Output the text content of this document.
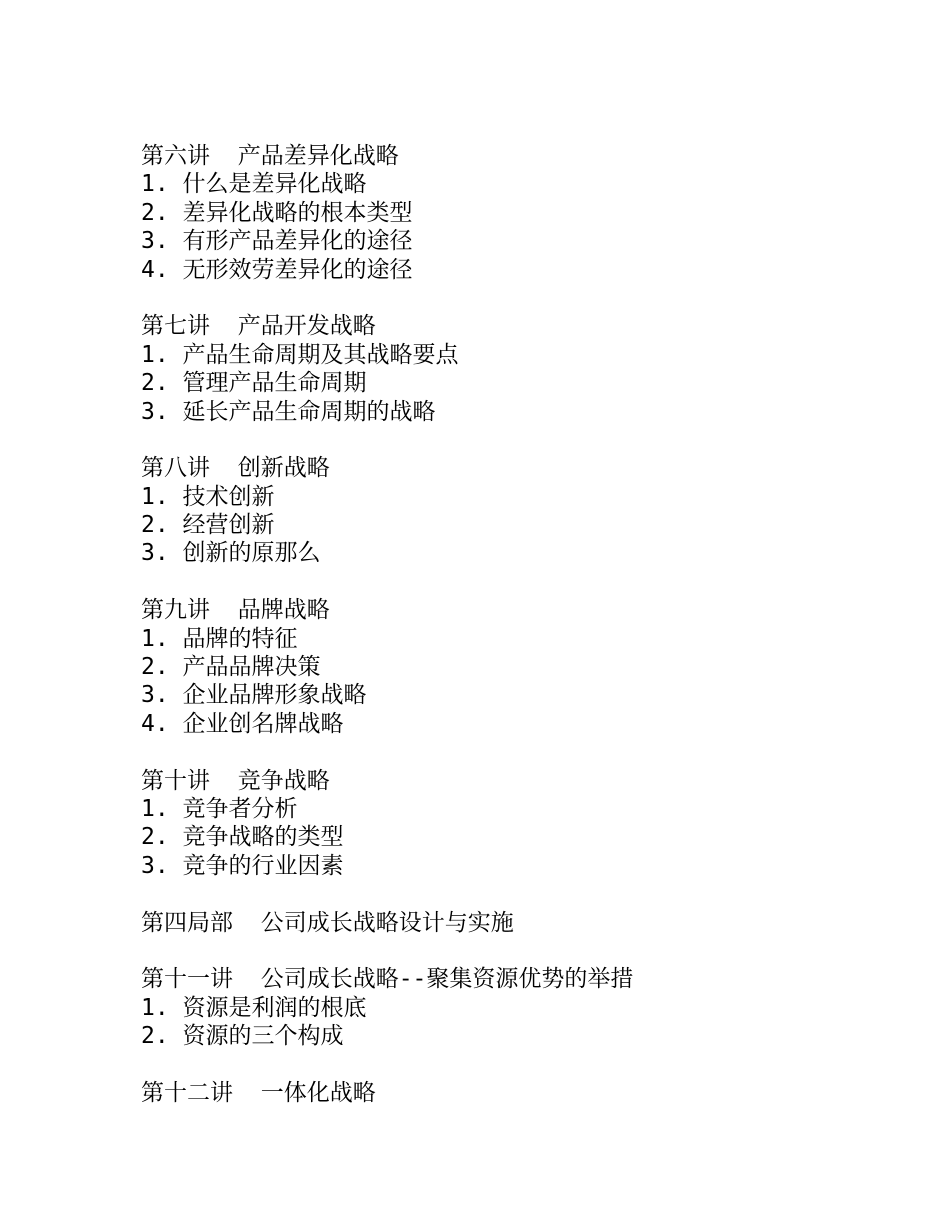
第六讲  产品差异化战略
1. 什么是差异化战略
2. 差异化战略的根本类型
3. 有形产品差异化的途径
4. 无形效劳差异化的途径
第七讲  产品开发战略
1. 产品生命周期及其战略要点
2. 管理产品生命周期
3. 延长产品生命周期的战略
第八讲  创新战略
1. 技术创新
2. 经营创新
3. 创新的原那么
第九讲  品牌战略
1. 品牌的特征
2. 产品品牌决策
3. 企业品牌形象战略
4. 企业创名牌战略
第十讲  竞争战略
1. 竞争者分析
2. 竞争战略的类型
3. 竞争的行业因素
第四局部  公司成长战略设计与实施
第十一讲  公司成长战略--聚集资源优势的举措
1. 资源是利润的根底
2. 资源的三个构成
第十二讲  一体化战略
